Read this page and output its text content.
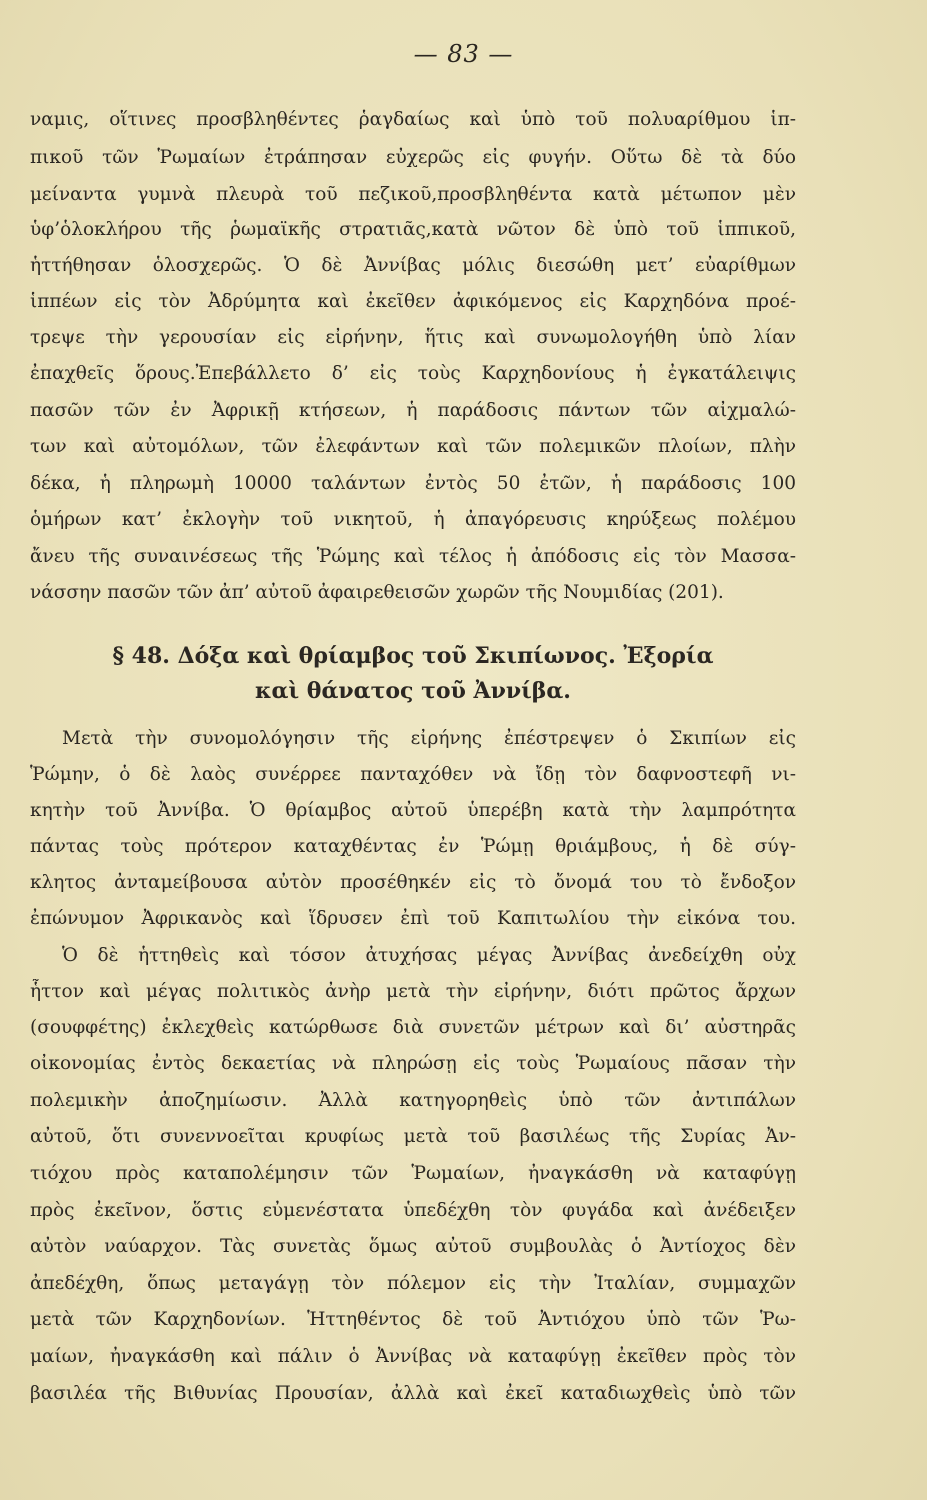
— 83 —
ναμις, οἵτινες προσβληθέντες ῥαγδαίως καὶ ὑπὸ τοῦ πολυαρίθμου ἱπ-
πικοῦ τῶν Ῥωμαίων ἐτράπησαν εὐχερῶς εἰς φυγήν. Οὕτω δὲ τὰ δύο
μείναντα γυμνὰ πλευρὰ τοῦ πεζικοῦ,προσβληθέντα κατὰ μέτωπον μὲν
ὑφ’ὁλοκλήρου τῆς ῥωμαϊκῆς στρατιᾶς,κατὰ νῶτον δὲ ὑπὸ τοῦ ἱππικοῦ,
ἡττήθησαν ὁλοσχερῶς. Ὁ δὲ Ἀννίβας μόλις διεσώθη μετ’ εὐαρίθμων
ἱππέων εἰς τὸν Ἀδρύμητα καὶ ἐκεῖθεν ἀφικόμενος εἰς Καρχηδόνα προέ-
τρεψε τὴν γερουσίαν εἰς εἰρήνην, ἥτις καὶ συνωμολογήθη ὑπὸ λίαν
ἐπαχθεῖς ὅρους.Ἐπεβάλλετο δ’ εἰς τοὺς Καρχηδονίους ἡ ἐγκατάλειψις
πασῶν τῶν ἐν Ἀφρικῇ κτήσεων, ἡ παράδοσις πάντων τῶν αἰχμαλώ-
των καὶ αὐτομόλων, τῶν ἐλεφάντων καὶ τῶν πολεμικῶν πλοίων, πλὴν
δέκα, ἡ πληρωμὴ 10000 ταλάντων ἐντὸς 50 ἐτῶν, ἡ παράδοσις 100
ὁμήρων κατ’ ἐκλογὴν τοῦ νικητοῦ, ἡ ἀπαγόρευσις κηρύξεως πολέμου
ἄνευ τῆς συναινέσεως τῆς Ῥώμης καὶ τέλος ἡ ἀπόδοσις εἰς τὸν Μασσα-
νάσσην πασῶν τῶν ἀπ’ αὐτοῦ ἀφαιρεθεισῶν χωρῶν τῆς Νουμιδίας (201).
§ 48. Δόξα καὶ θρίαμβος τοῦ Σκιπίωνος. Ἐξορία
καὶ θάνατος τοῦ Ἀννίβα.
Μετὰ τὴν συνομολόγησιν τῆς εἰρήνης ἐπέστρεψεν ὁ Σκιπίων εἰς
Ῥώμην, ὁ δὲ λαὸς συνέρρεε πανταχόθεν νὰ ἴδῃ τὸν δαφνοστεφῆ νι-
κητὴν τοῦ Ἀννίβα. Ὁ θρίαμβος αὐτοῦ ὑπερέβη κατὰ τὴν λαμπρότητα
πάντας τοὺς πρότερον καταχθέντας ἐν Ῥώμῃ θριάμβους, ἡ δὲ σύγ-
κλητος ἀνταμείβουσα αὐτὸν προσέθηκέν εἰς τὸ ὄνομά του τὸ ἔνδοξον
ἐπώνυμον Ἀφρικανὸς καὶ ἵδρυσεν ἐπὶ τοῦ Καπιτωλίου τὴν εἰκόνα του.
Ὁ δὲ ἡττηθεὶς καὶ τόσον ἀτυχήσας μέγας Ἀννίβας ἀνεδείχθη οὐχ
ἧττον καὶ μέγας πολιτικὸς ἀνὴρ μετὰ τὴν εἰρήνην, διότι πρῶτος ἄρχων
(σουφφέτης) ἐκλεχθεὶς κατώρθωσε διὰ συνετῶν μέτρων καὶ δι’ αὐστηρᾶς
οἰκονομίας ἐντὸς δεκαετίας νὰ πληρώσῃ εἰς τοὺς Ῥωμαίους πᾶσαν τὴν
πολεμικὴν ἀποζημίωσιν. Ἀλλὰ κατηγορηθεὶς ὑπὸ τῶν ἀντιπάλων
αὐτοῦ, ὅτι συνεννοεῖται κρυφίως μετὰ τοῦ βασιλέως τῆς Συρίας Ἀν-
τιόχου πρὸς καταπολέμησιν τῶν Ῥωμαίων, ἠναγκάσθη νὰ καταφύγῃ
πρὸς ἐκεῖνον, ὅστις εὐμενέστατα ὑπεδέχθη τὸν φυγάδα καὶ ἀνέδειξεν
αὐτὸν ναύαρχον. Τὰς συνετὰς ὅμως αὐτοῦ συμβουλὰς ὁ Ἀντίοχος δὲν
ἀπεδέχθη, ὅπως μεταγάγῃ τὸν πόλεμον εἰς τὴν Ἰταλίαν, συμμαχῶν
μετὰ τῶν Καρχηδονίων. Ἡττηθέντος δὲ τοῦ Ἀντιόχου ὑπὸ τῶν Ῥω-
μαίων, ἠναγκάσθη καὶ πάλιν ὁ Ἀννίβας νὰ καταφύγῃ ἐκεῖθεν πρὸς τὸν
βασιλέα τῆς Βιθυνίας Προυσίαν, ἀλλὰ καὶ ἐκεῖ καταδιωχθεὶς ὑπὸ τῶν
